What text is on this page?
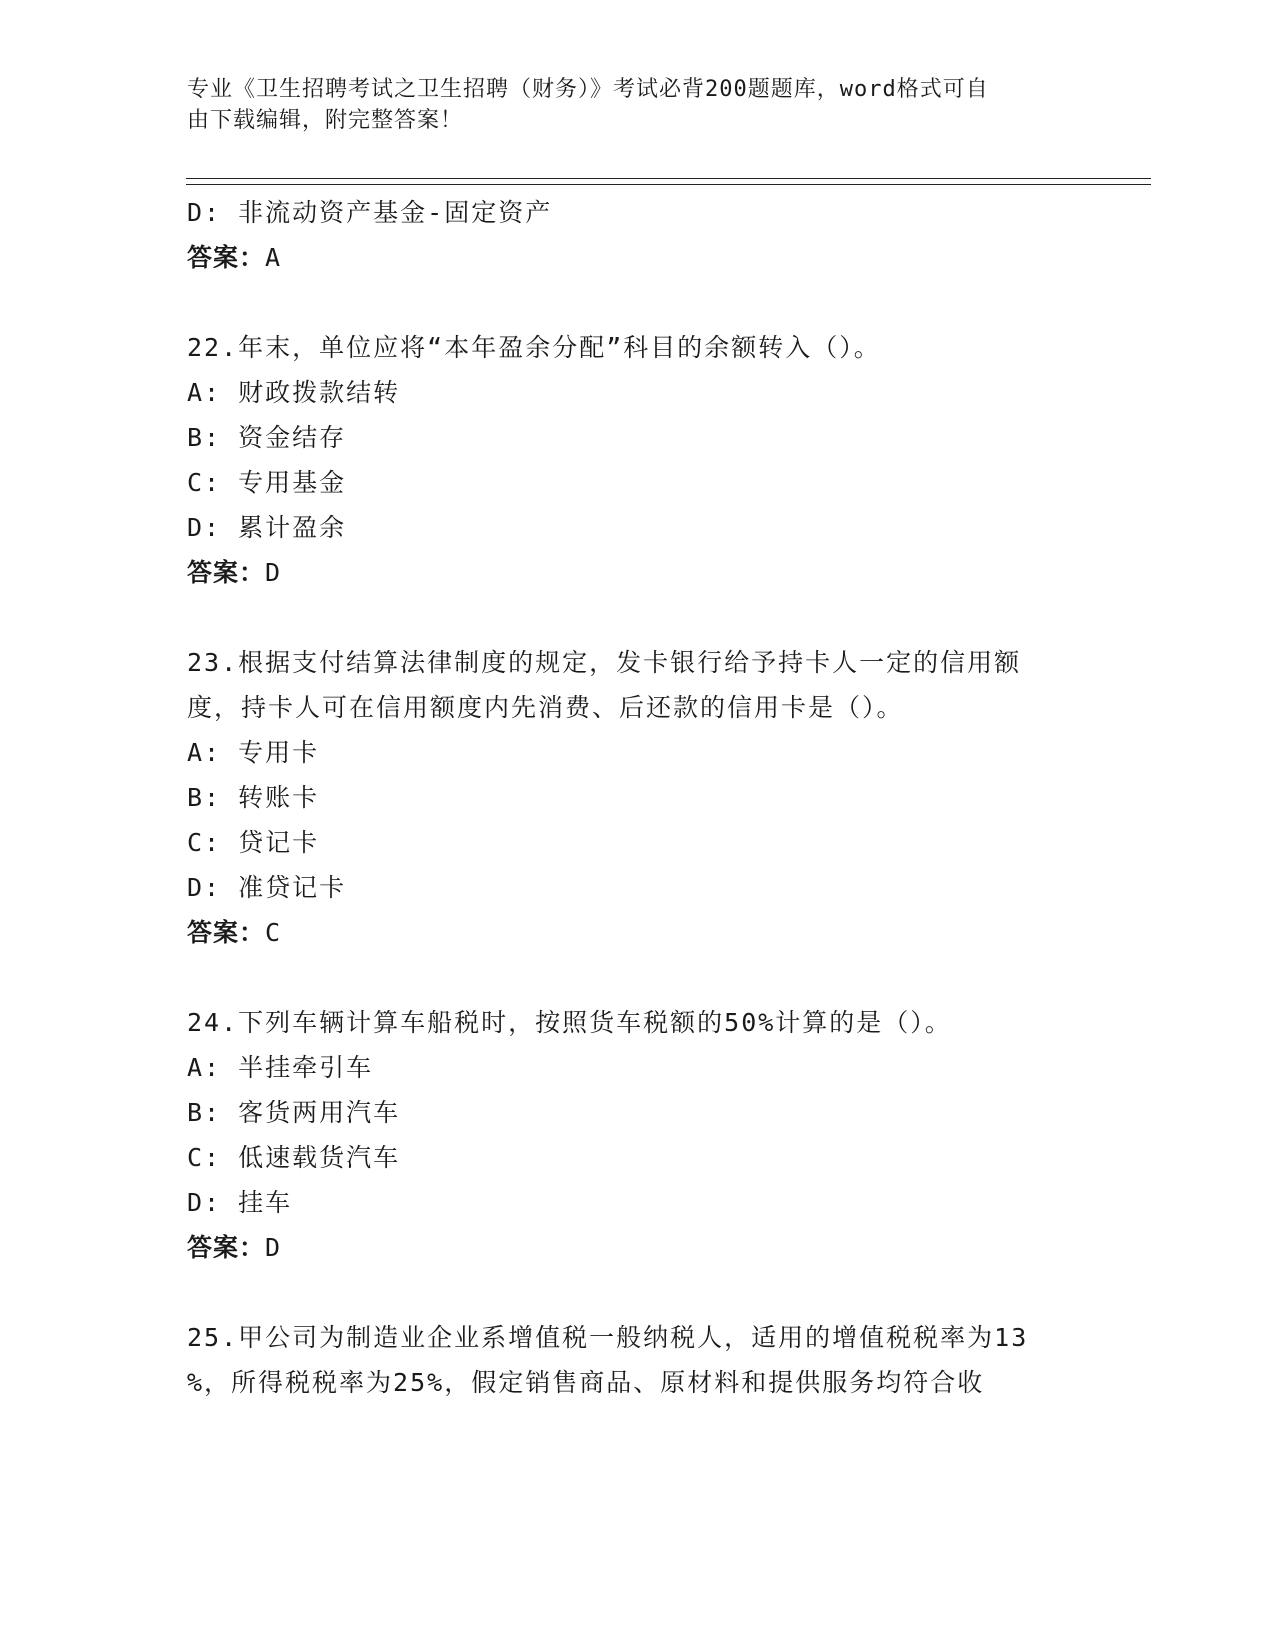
专业《卫生招聘考试之卫生招聘（财务）》考试必背200题题库，word格式可自
由下载编辑，附完整答案！
D: 非流动资产基金-固定资产
答案：A
22.年末，单位应将“本年盈余分配”科目的余额转入（）。
A: 财政拨款结转
B: 资金结存
C: 专用基金
D: 累计盈余
答案：D
23.根据支付结算法律制度的规定，发卡银行给予持卡人一定的信用额
度，持卡人可在信用额度内先消费、后还款的信用卡是（）。
A: 专用卡
B: 转账卡
C: 贷记卡
D: 准贷记卡
答案：C
24.下列车辆计算车船税时，按照货车税额的50%计算的是（）。
A: 半挂牵引车
B: 客货两用汽车
C: 低速载货汽车
D: 挂车
答案：D
25.甲公司为制造业企业系增值税一般纳税人，适用的增值税税率为13
%，所得税税率为25%，假定销售商品、原材料和提供服务均符合收
